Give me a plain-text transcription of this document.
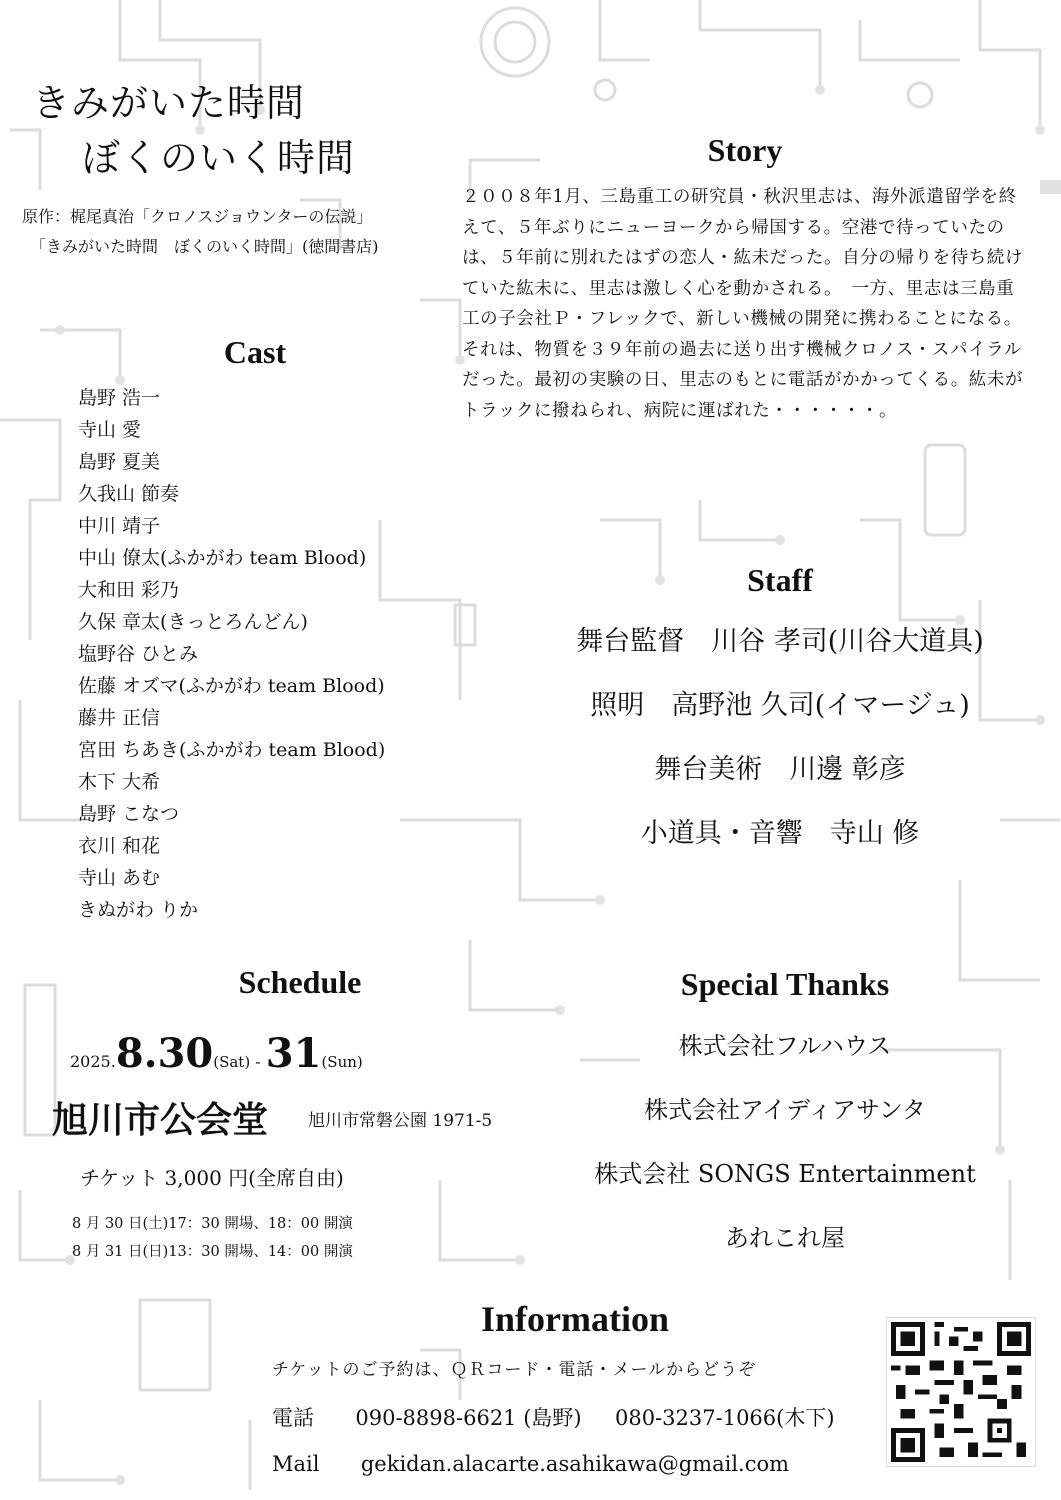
きみがいた時間
ぼくのいく時間
原作：梶尾真治「クロノスジョウンターの伝説」
「きみがいた時間　ぼくのいく時間」(徳間書店)
Cast
島野 浩一
寺山 愛
島野 夏美
久我山 節奏
中川 靖子
中山 僚太(ふかがわ team Blood)
大和田 彩乃
久保 章太(きっとろんどん)
塩野谷 ひとみ
佐藤 オズマ(ふかがわ team Blood)
藤井 正信
宮田 ちあき(ふかがわ team Blood)
木下 大希
島野 こなつ
衣川 和花
寺山 あむ
きぬがわ りか
Story
２００８年1月、三島重工の研究員・秋沢里志は、海外派遣留学を終えて、５年ぶりにニューヨークから帰国する。空港で待っていたのは、５年前に別れたはずの恋人・紘未だった。自分の帰りを待ち続けていた紘未に、里志は激しく心を動かされる。　一方、里志は三島重工の子会社Ｐ・フレックで、新しい機械の開発に携わることになる。それは、物質を３９年前の過去に送り出す機械クロノス・スパイラルだった。最初の実験の日、里志のもとに電話がかかってくる。紘未がトラックに撥ねられ、病院に運ばれた・・・・・・。
Staff
舞台監督　川谷 孝司(川谷大道具)
照明　高野池 久司(イマージュ)
舞台美術　川邊 彰彦
小道具・音響　寺山 修
Schedule
2025.8.30(Sat) - 31(Sun)
旭川市公会堂 旭川市常磐公園 1971-5
チケット 3,000 円(全席自由)
8 月 30 日(土)17：30 開場、18：00 開演
8 月 31 日(日)13：30 開場、14：00 開演
Special Thanks
株式会社フルハウス
株式会社アイディアサンタ
株式会社 SONGS Entertainment
あれこれ屋
Information
チケットのご予約は、ＱＲコード・電話・メールからどうぞ
電話 090-8898-6621 (島野) 080-3237-1066(木下)
Mail gekidan.alacarte.asahikawa@gmail.com
